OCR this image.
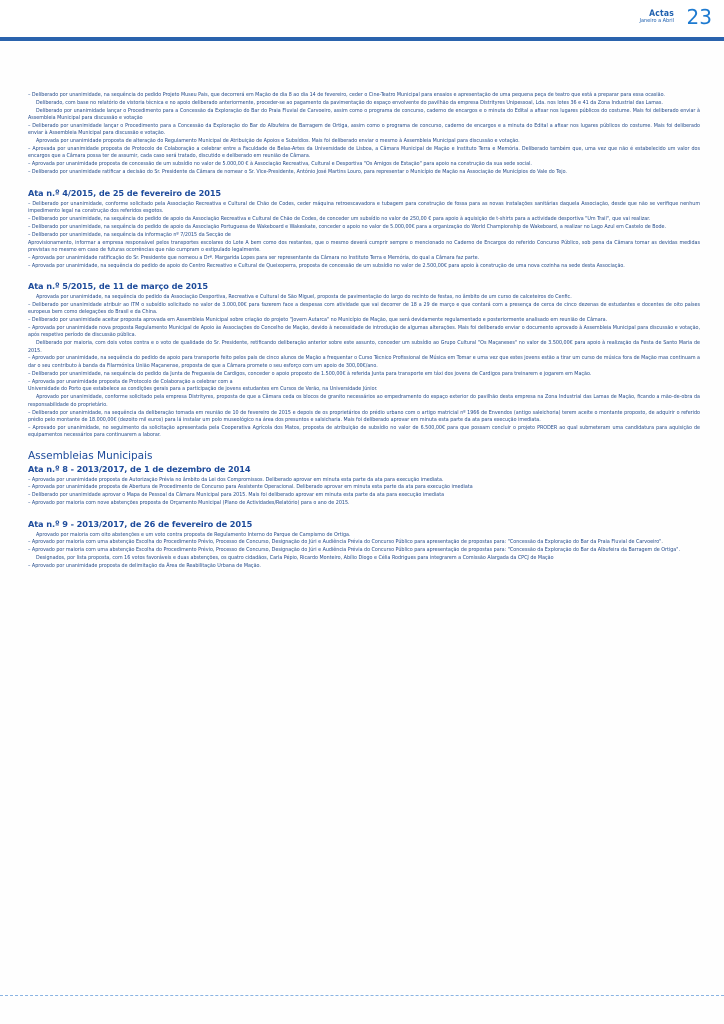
Actas
Janeiro a Abril 23

– Deliberado por unanimidade, na sequência do pedido Projeto Museu Pais, que decorrerá em Mação de dia 8 ao dia 14 de fevereiro, ceder o Cine-Teatro Municipal para ensaios e apresentação de uma pequena peça de teatro que está a preparar para essa ocasião.

Deliberado, com base no relatório de vistoria técnica e no apoio deliberado anteriormente, proceder-se ao pagamento da pavimentação do espaço envolvente do pavilhão da empresa Distrityres Unipessoal, Lda. nos lotes 36 e 41 da Zona Industrial das Lamas.

Deliberado por unanimidade lançar o Procedimento para a Concessão da Exploração do Bar do Praia Fluvial de Carvoeiro, assim como o programa de concurso, caderno de encargos e o minuta do Edital a afixar nos lugares públicos do costume. Mais foi deliberado enviar à Assembleia Municipal para discussão e votação

– Deliberado por unanimidade lançar o Procedimento para a Concessão da Exploração do Bar do Albufeira de Barragem de Ortiga, assim como o programa de concurso, caderno de encargos e a minuta do Edital a afixar nos lugares públicos do costume. Mais foi deliberado enviar à Assembleia Municipal para discussão e votação.

Aprovada por unanimidade proposta de alteração do Regulamento Municipal de Atribuição de Apoios e Subsídios. Mais foi deliberado enviar o mesmo à Assembleia Municipal para discussão e votação.

– Aprovada por unanimidade proposta de Protocolo de Colaboração a celebrar entre a Faculdade de Belas-Artes da Universidade de Lisboa, a Câmara Municipal de Mação e Instituto Terra e Memória. Deliberado também que, uma vez que não é estabelecido um valor dos encargos que a Câmara possa ter de assumir, cada caso será tratado, discutido e deliberado em reunião de Câmara.

– Aprovada por unanimidade proposta de concessão de um subsídio no valor de 5.000,00 € à Associação Recreativa, Cultural e Desportiva "Os Amigos de Estação" para apoio na construção da sua sede social.

– Deliberado por unanimidade ratificar a decisão do Sr. Presidente da Câmara de nomear o Sr. Vice-Presidente, António José Martins Louro, para representar o Município de Mação na Associação de Municípios do Vale do Tejo.

Ata n.º 4/2015, de 25 de fevereiro de 2015

– Deliberado por unanimidade, conforme solicitado pela Associação Recreativa e Cultural de Chão de Codes, ceder máquina retroescavadora e tubagem para construção de fossa para as novas instalações sanitárias daquela Associação, desde que não se verifique nenhum impedimento legal na construção dos referidos esgotos.

– Deliberado por unanimidade, na sequência do pedido de apoio da Associação Recreativa e Cultural de Chão de Codes, de conceder um subsídio no valor de 250,00 € para apoio à aquisição de t-shirts para a actividade desportiva "Um Trail", que vai realizar.

– Deliberado por unanimidade, na sequência do pedido de apoio da Associação Portuguesa de Wakeboard e Wakeskate, conceder o apoio no valor de 5.000,00€ para a organização do World Championship de Wakeboard, a realizar no Lago Azul em Castelo de Bode.

– Deliberado por unanimidade, na sequência da informação nº 7/2015 da Secção de

Aprovisionamento, informar a empresa responsável pelos transportes escolares do Lote A bem como dos restantes, que o mesmo deverá cumprir sempre o mencionado no Caderno de Encargos do referido Concurso Público, sob pena da Câmara tomar as devidas medidas previstas no mesmo em caso de futuras ocorrências que não cumpram o estipulado legalmente.

– Aprovada por unanimidade ratificação do Sr. Presidente que nomeou a Drª. Margarida Lopes para ser representante da Câmara no Instituto Terra e Memória, do qual a Câmara faz parte.

– Aprovada por unanimidade, na sequência do pedido de apoio do Centro Recreativo e Cultural de Queixoperra, proposta de concessão de um subsídio no valor de 2.500,00€ para apoio à construção de uma nova cozinha na sede desta Associação.

Ata n.º 5/2015, de 11 de março de 2015

Aprovada por unanimidade, na sequência do pedido da Associação Desportiva, Recreativa e Cultural de São Miguel, proposta de pavimentação do largo do recinto de festas, no âmbito de um curso de calceteiros do Cenfic.

– Deliberado por unanimidade atribuir ao ITM o subsídio solicitado no valor de 3.000,00€ para fazerem face a despesas com atividade que vai decorrer de 18 a 29 de março e que contará com a presença de cerca de cinco dezenas de estudantes e docentes de oito países europeus bem como delegações do Brasil e da China.

– Deliberado por unanimidade aceitar proposta aprovada em Assembleia Municipal sobre criação do projeto "Jovem Autarca" no Município de Mação, que será devidamente regulamentado e posteriormente analisado em reunião de Câmara.

– Aprovada por unanimidade nova proposta Regulamento Municipal de Apoio às Associações do Concelho de Mação, devido à necessidade de introdução de algumas alterações. Mais foi deliberado enviar o documento aprovado à Assembleia Municipal para discussão e votação, após respetivo período de discussão pública.

Deliberado por maioria, com dois votos contra e o voto de qualidade do Sr. Presidente, retificando deliberação anterior sobre este assunto, conceder um subsídio ao Grupo Cultural "Os Maçaneses" no valor de 3.500,00€ para apoio à realização da Festa de Santo Maria de 2015.

– Aprovado por unanimidade, na sequência do pedido de apoio para transporte feito pelos pais de cinco alunos de Mação a frequentar o Curso Técnico Profissional de Música em Tomar e uma vez que estes jovens estão a tirar um curso de música fora de Mação mas continuam a dar o seu contributo à banda da Filarmónica União Maçanense, proposta de que a Câmara promete o seu esforço com um apoio de 300,00€/ano.

– Deliberado por unanimidade, na sequência do pedido da Junta de Freguesia de Cardigos, conceder o apoio proposto de 1.500,00€ à referida Junta para transporte em táxi dos jovens de Cardigos para treinarem e jogarem em Mação.

– Aprovada por unanimidade proposta de Protocolo de Colaboração a celebrar com a

Universidade do Porto que estabelece as condições gerais para a participação de jovens estudantes em Cursos de Verão, na Universidade Júnior.

Aprovado por unanimidade, conforme solicitado pela empresa Distrityres, proposta de que a Câmara ceda os blocos de granito necessários ao empedramento do espaço exterior do pavilhão desta empresa na Zona Industrial das Lamas de Mação, ficando a mão-de-obra da responsabilidade do proprietário.

– Deliberado por unanimidade, na sequência da deliberação tomada em reunião de 10 de fevereiro de 2015 e depois de os proprietários do prédio urbano com o artigo matricial nº 1966 de Envendos (antigo saleichoria) terem aceite o montante proposto, de adquirir o referido prédio pelo montante de 18.000,00€ (dezoito mil euros) para lá instalar um polo museológico na área dos presuntos e salsicharia. Mais foi deliberado aprovar em minuta esta parte da ata para execução imediata.

– Aprovado por unanimidade, no seguimento da solicitação apresentada pela Cooperativa Agrícola dos Matos, proposta de atribuição de subsídio no valor de 6.500,00€ para que possam concluir o projeto PRODER ao qual submeteram uma candidatura para aquisição de equipamentos necessários para continuarem a laborar.

Assembleias Municipais
Ata n.º 8 - 2013/2017, de 1 de dezembro de 2014

– Aprovada por unanimidade proposta de Autorização Prévia no âmbito da Lei dos Compromissos. Deliberado aprovar em minuta esta parte da ata para execução imediata.

– Aprovada por unanimidade proposta de Abertura de Procedimento de Concurso para Assistente Operacional. Deliberado aprovar em minuta esta parte da ata para execução imediata

– Deliberado por unanimidade aprovar o Mapa de Pessoal da Câmara Municipal para 2015. Mais foi deliberado aprovar em minuta esta parte da ata para execução imediata

– Aprovado por maioria com nove abstenções proposta de Orçamento Municipal (Plano de Actividades/Relatório) para o ano de 2015.

Ata n.º 9 - 2013/2017, de 26 de fevereiro de 2015

Aprovado por maioria com oito abstenções e um voto contra proposta de Regulamento Interno do Parque de Campismo de Ortiga.

– Aprovado por maioria com uma abstenção Escolha do Procedimento Prévio, Processo de Concurso, Designação do Júri e Audiência Prévia do Concurso Público para apresentação de propostas para: "Concessão da Exploração do Bar da Praia Fluvial de Carvoeiro".

– Aprovado por maioria com uma abstenção Escolha do Procedimento Prévio, Processo de Concurso, Designação do Júri e Audiência Prévia do Concurso Público para apresentação de propostas para: "Concessão da Exploração do Bar da Albufeira da Barragem de Ortiga".

Designados, por lista proposta, com 16 votos favoráveis e duas abstenções, os quatro cidadãos, Carla Pépio, Ricardo Monteiro, Abílio Diogo e Célia Rodrigues para integrarem a Comissão Alargada da CPCJ de Mação

– Aprovado por unanimidade proposta de delimitação da Área de Reabilitação Urbana de Mação.
